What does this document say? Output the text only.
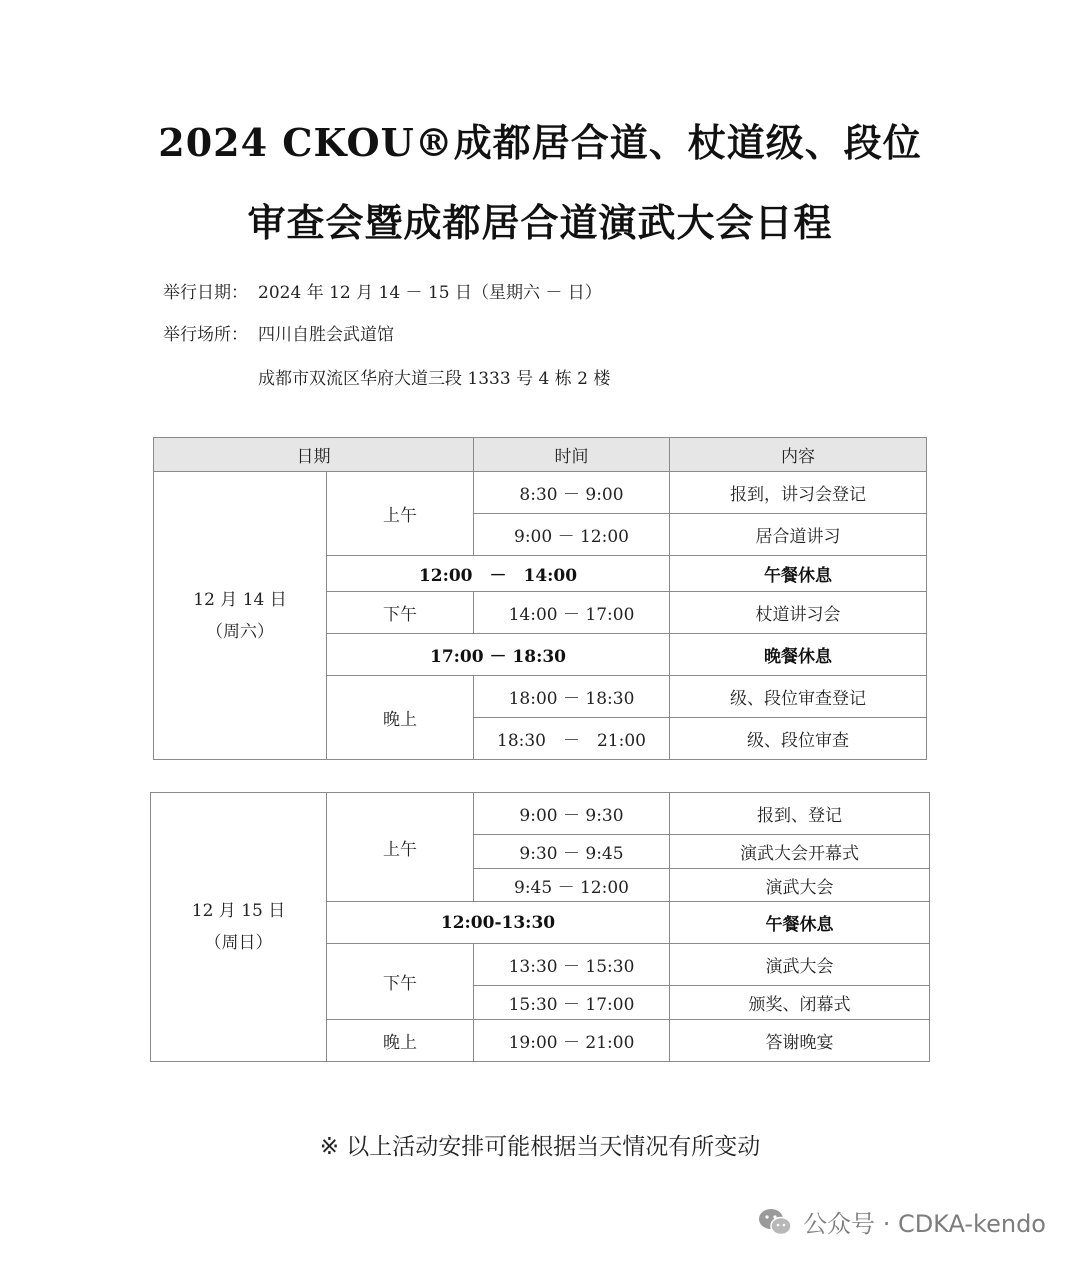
2024 CKOU®成都居合道、杖道级、段位
审查会暨成都居合道演武大会日程
举行日期： 2024 年 12 月 14 － 15 日（星期六 － 日）
举行场所： 四川自胜会武道馆
成都市双流区华府大道三段 1333 号 4 栋 2 楼
日期		时间	内容
12 月 14 日
（周六）	上午	8:30 － 9:00	报到，讲习会登记
		9:00 － 12:00	居合道讲习
	12:00　－　14:00		午餐休息
	下午	14:00 － 17:00	杖道讲习会
	17:00 － 18:30		晚餐休息
	晚上	18:00 － 18:30	级、段位审查登记
		18:30　－　21:00	级、段位审查
12 月 15 日
（周日）	上午	9:00 － 9:30	报到、登记
		9:30 － 9:45	演武大会开幕式
		9:45 － 12:00	演武大会
	12:00-13:30		午餐休息
	下午	13:30 － 15:30	演武大会
		15:30 － 17:00	颁奖、闭幕式
	晚上	19:00 － 21:00	答谢晚宴
※ 以上活动安排可能根据当天情况有所变动
公众号 · CDKA-kendo
